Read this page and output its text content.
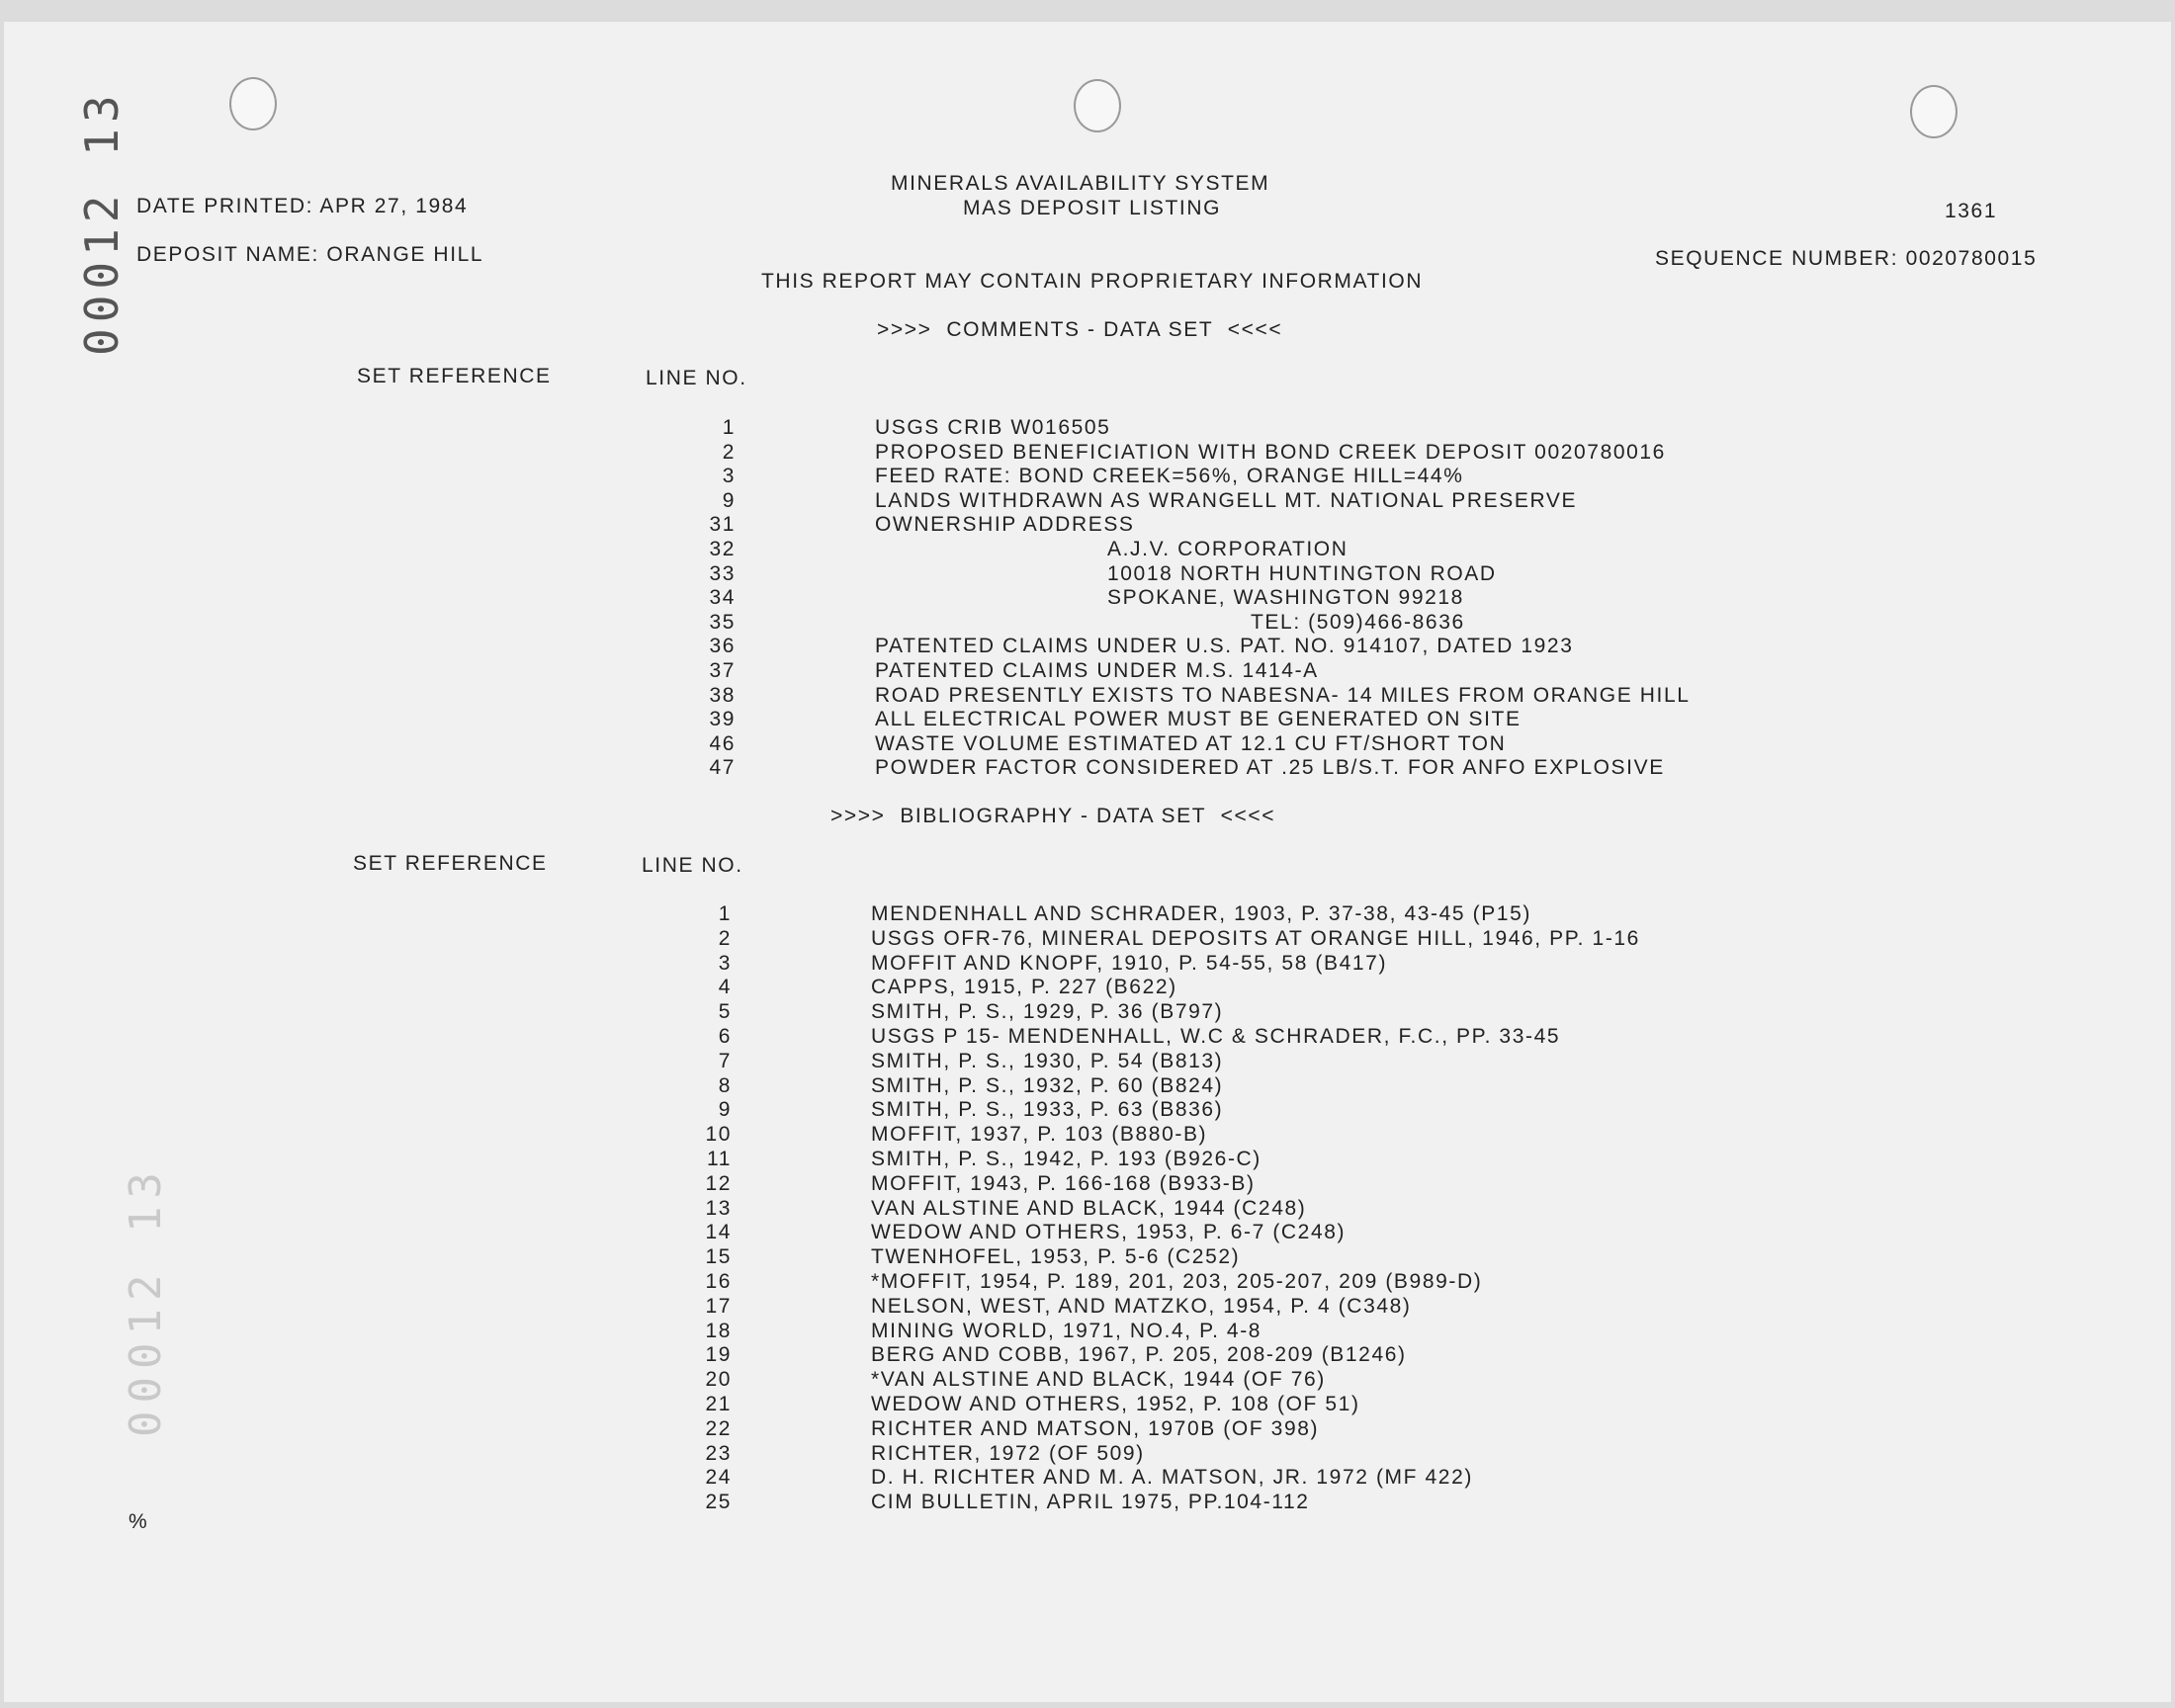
00012 13
00012 13
MINERALS AVAILABILITY SYSTEM
MAS DEPOSIT LISTING
DATE PRINTED: APR 27, 1984	1361
DEPOSIT NAME: ORANGE HILL	SEQUENCE NUMBER: 0020780015
THIS REPORT MAY CONTAIN PROPRIETARY INFORMATION
>>>>  COMMENTS - DATA SET  <<<<
SET REFERENCE	LINE NO.
1	USGS CRIB W016505
2	PROPOSED BENEFICIATION WITH BOND CREEK DEPOSIT 0020780016
3	FEED RATE: BOND CREEK=56%, ORANGE HILL=44%
9	LANDS WITHDRAWN AS WRANGELL MT. NATIONAL PRESERVE
31	OWNERSHIP ADDRESS
32	A.J.V. CORPORATION
33	10018 NORTH HUNTINGTON ROAD
34	SPOKANE, WASHINGTON 99218
35	TEL: (509)466-8636
36	PATENTED CLAIMS UNDER U.S. PAT. NO. 914107, DATED 1923
37	PATENTED CLAIMS UNDER M.S. 1414-A
38	ROAD PRESENTLY EXISTS TO NABESNA- 14 MILES FROM ORANGE HILL
39	ALL ELECTRICAL POWER MUST BE GENERATED ON SITE
46	WASTE VOLUME ESTIMATED AT 12.1 CU FT/SHORT TON
47	POWDER FACTOR CONSIDERED AT .25 LB/S.T. FOR ANFO EXPLOSIVE
>>>>  BIBLIOGRAPHY - DATA SET  <<<<
SET REFERENCE	LINE NO.
1	MENDENHALL AND SCHRADER, 1903, P. 37-38, 43-45 (P15)
2	USGS OFR-76, MINERAL DEPOSITS AT ORANGE HILL, 1946, PP. 1-16
3	MOFFIT AND KNOPF, 1910, P. 54-55, 58 (B417)
4	CAPPS, 1915, P. 227 (B622)
5	SMITH, P. S., 1929, P. 36 (B797)
6	USGS P 15- MENDENHALL, W.C & SCHRADER, F.C., PP. 33-45
7	SMITH, P. S., 1930, P. 54 (B813)
8	SMITH, P. S., 1932, P. 60 (B824)
9	SMITH, P. S., 1933, P. 63 (B836)
10	MOFFIT, 1937, P. 103 (B880-B)
11	SMITH, P. S., 1942, P. 193 (B926-C)
12	MOFFIT, 1943, P. 166-168 (B933-B)
13	VAN ALSTINE AND BLACK, 1944 (C248)
14	WEDOW AND OTHERS, 1953, P. 6-7 (C248)
15	TWENHOFEL, 1953, P. 5-6 (C252)
16	*MOFFIT, 1954, P. 189, 201, 203, 205-207, 209 (B989-D)
17	NELSON, WEST, AND MATZKO, 1954, P. 4 (C348)
18	MINING WORLD, 1971, NO.4, P. 4-8
19	BERG AND COBB, 1967, P. 205, 208-209 (B1246)
20	*VAN ALSTINE AND BLACK, 1944 (OF 76)
21	WEDOW AND OTHERS, 1952, P. 108 (OF 51)
22	RICHTER AND MATSON, 1970B (OF 398)
23	RICHTER, 1972 (OF 509)
24	D. H. RICHTER AND M. A. MATSON, JR. 1972 (MF 422)
25	CIM BULLETIN, APRIL 1975, PP.104-112
%
